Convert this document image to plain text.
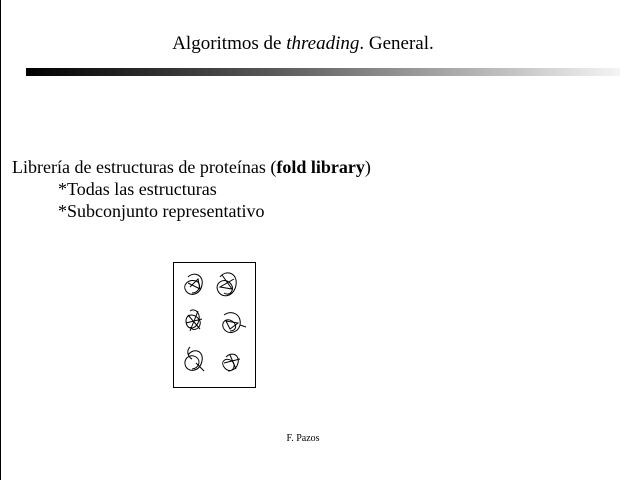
Algoritmos de threading. General.
Librería de estructuras de proteínas (fold library)
*Todas las estructuras
*Subconjunto representativo
F. Pazos
